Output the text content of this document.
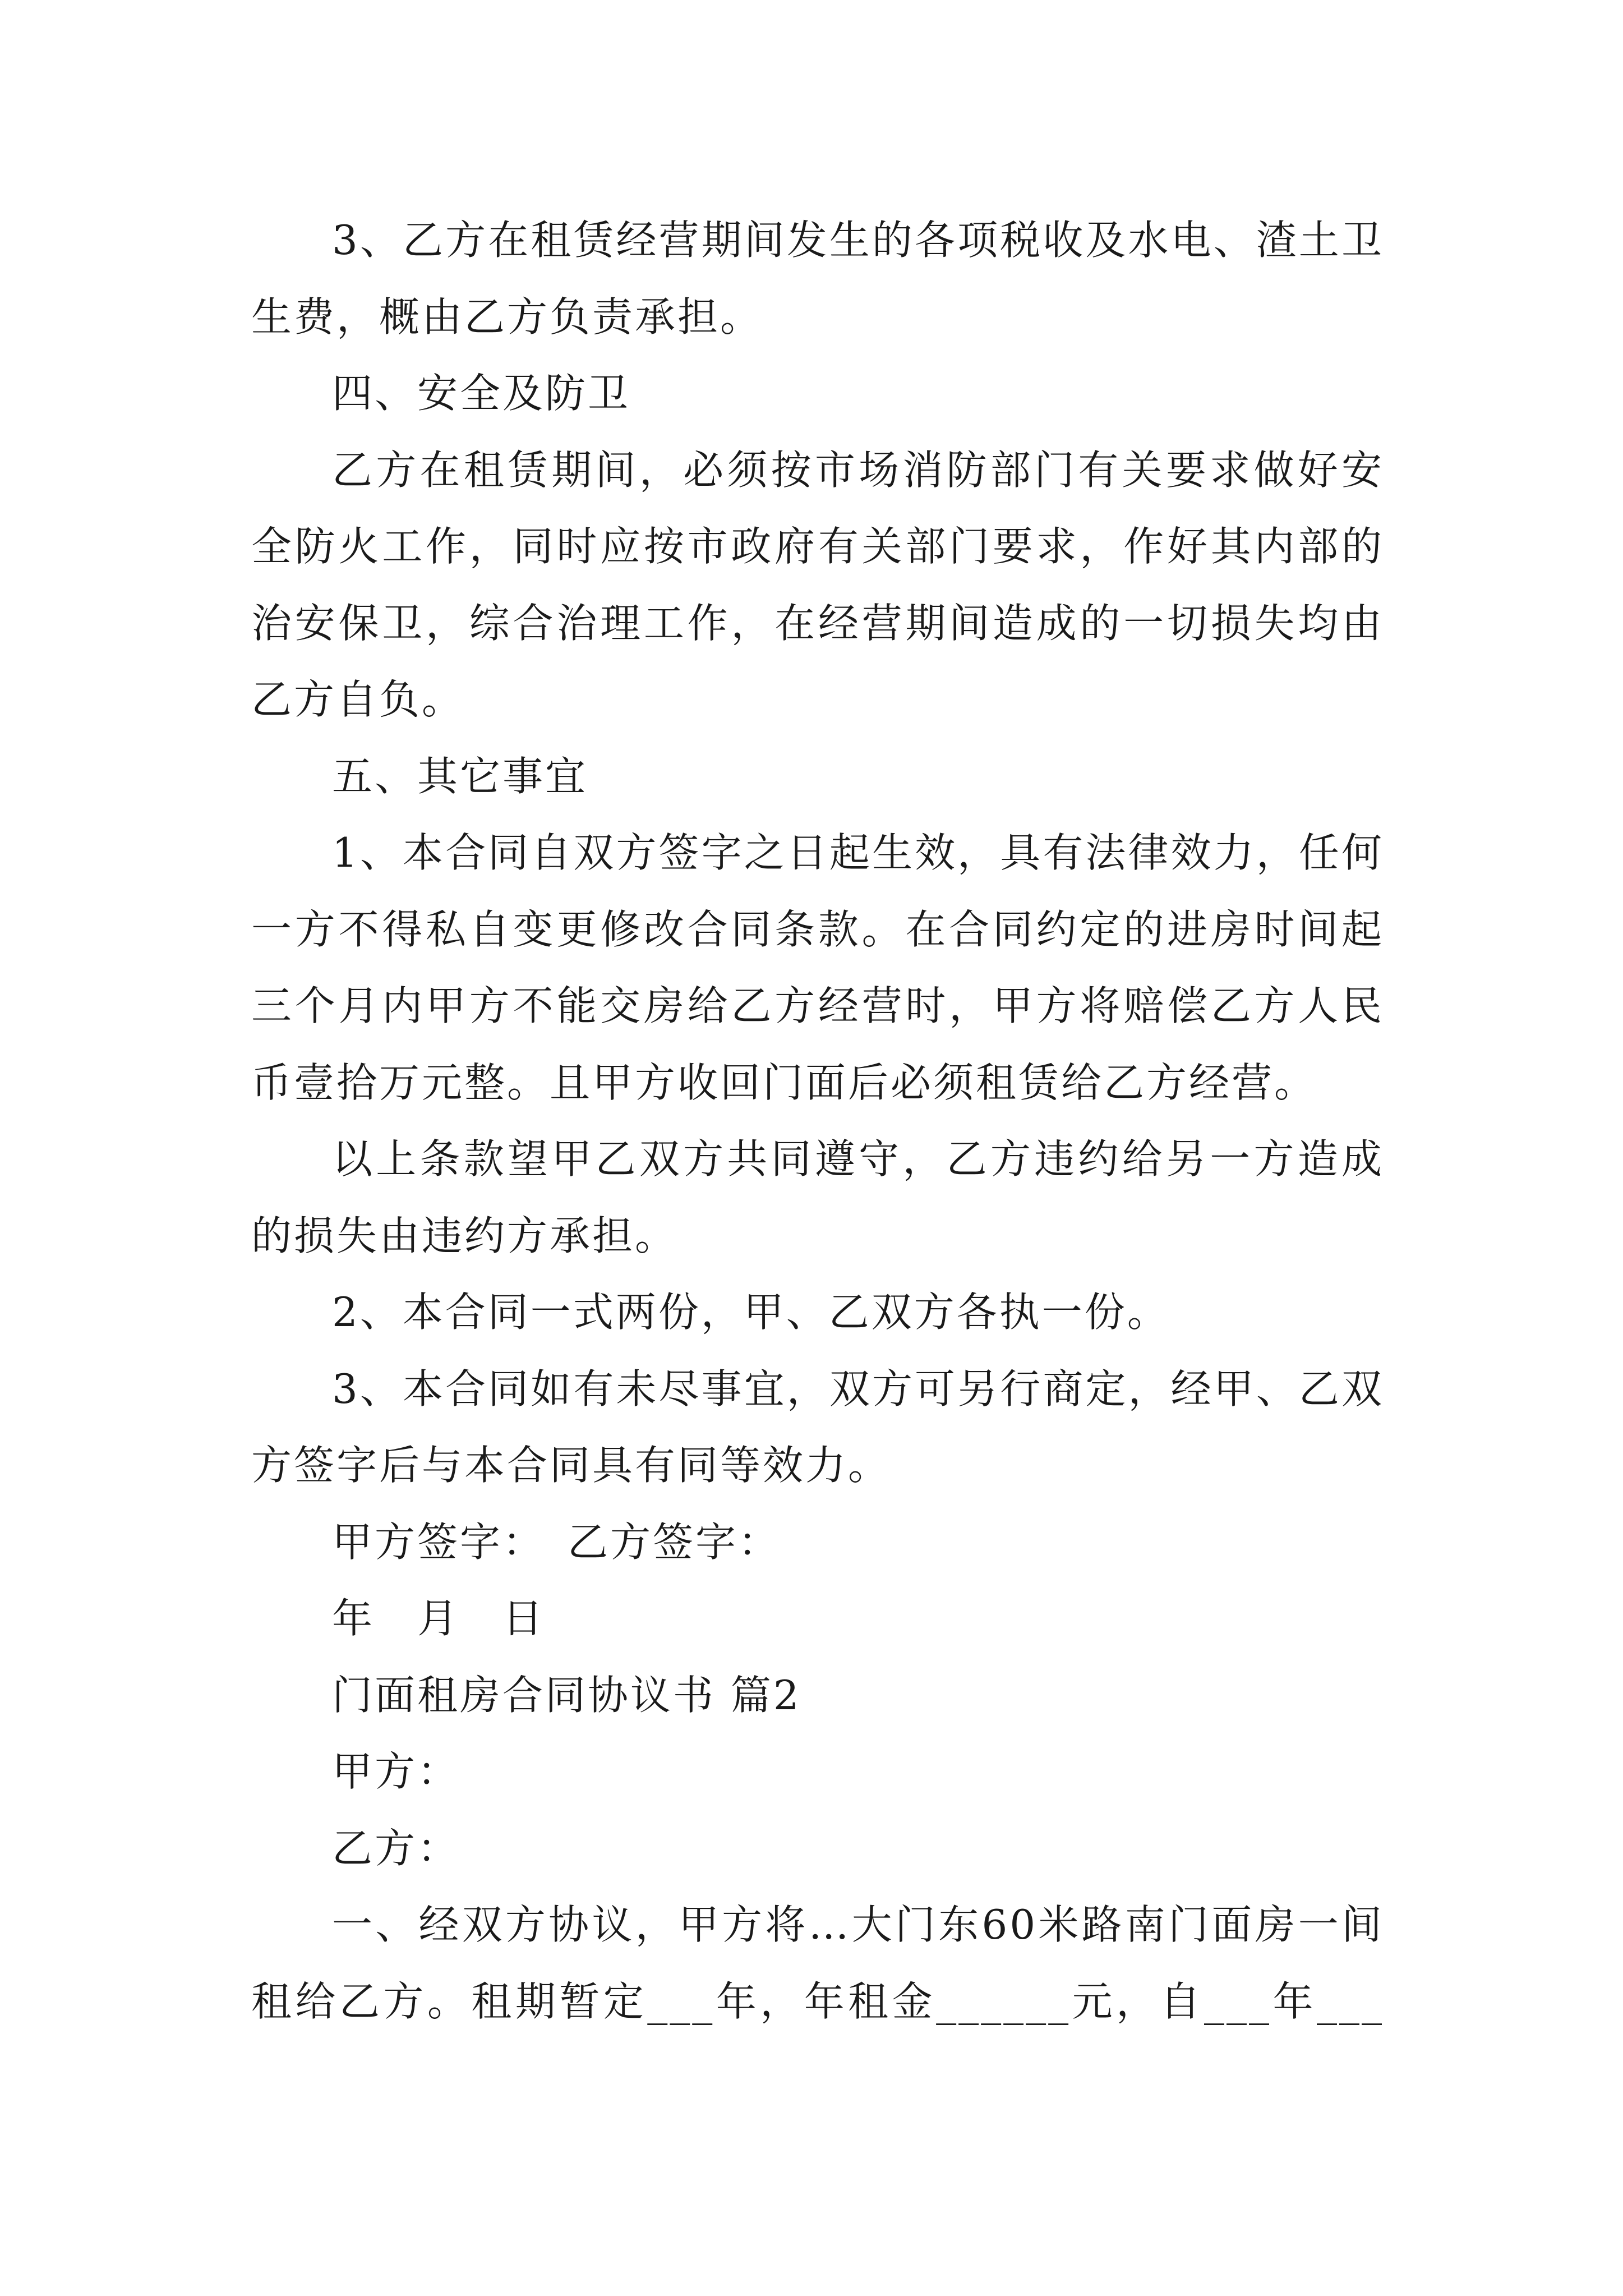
3、乙方在租赁经营期间发生的各项税收及水电、渣土卫生费，概由乙方负责承担。

四、安全及防卫

乙方在租赁期间，必须按市场消防部门有关要求做好安全防火工作，同时应按市政府有关部门要求，作好其内部的治安保卫，综合治理工作，在经营期间造成的一切损失均由乙方自负。

五、其它事宜

1、本合同自双方签字之日起生效，具有法律效力，任何一方不得私自变更修改合同条款。在合同约定的进房时间起三个月内甲方不能交房给乙方经营时，甲方将赔偿乙方人民币壹拾万元整。且甲方收回门面后必须租赁给乙方经营。

以上条款望甲乙双方共同遵守，乙方违约给另一方造成的损失由违约方承担。

2、本合同一式两份，甲、乙双方各执一份。

3、本合同如有未尽事宜，双方可另行商定，经甲、乙双方签字后与本合同具有同等效力。

甲方签字：　乙方签字：

年　月　日

门面租房合同协议书 篇2

甲方：

乙方：

一、经双方协议，甲方将…大门东60米路南门面房一间租给乙方。租期暂定___年，年租金______元，自___年___
